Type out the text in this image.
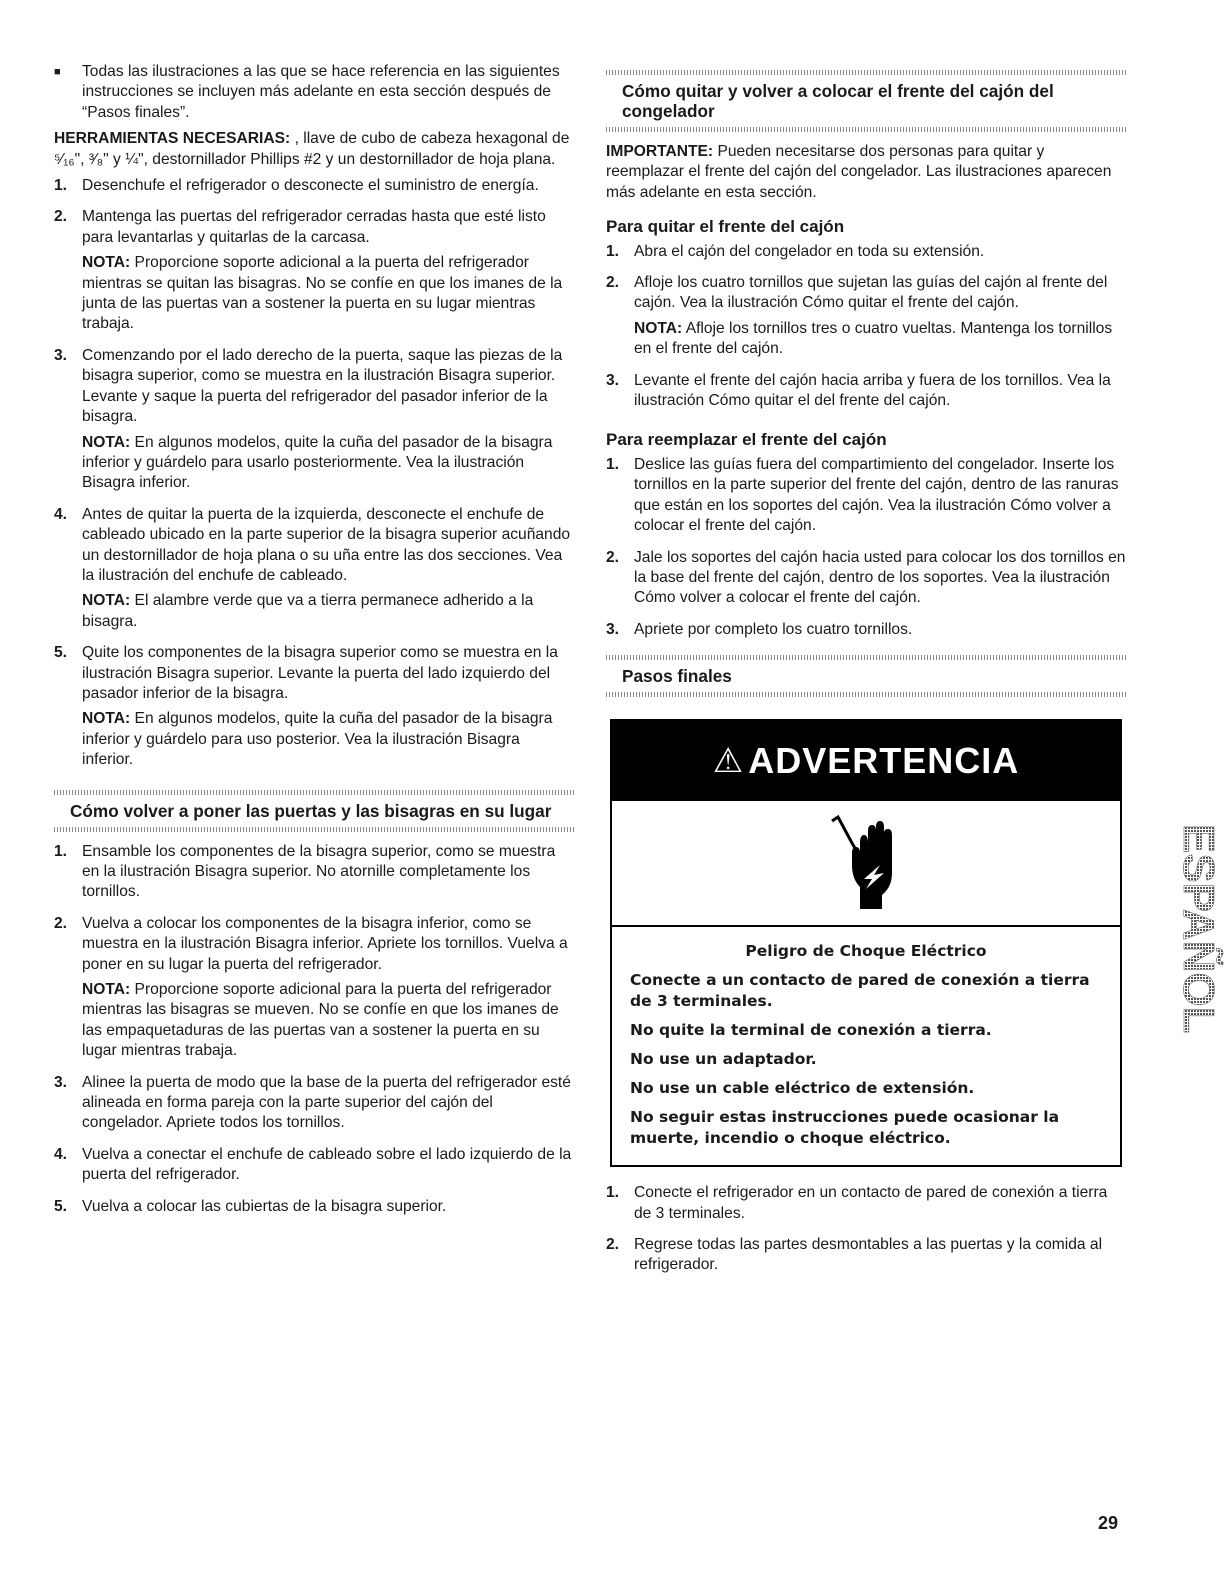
■	Todas las ilustraciones a las que se hace referencia en las siguientes instrucciones se incluyen más adelante en esta sección después de “Pasos finales”.

HERRAMIENTAS NECESARIAS: , llave de cubo de cabeza hexagonal de ⁵⁄₁₆", ³⁄₈" y ¼", destornillador Phillips #2 y un destornillador de hoja plana.

1. Desenchufe el refrigerador o desconecte el suministro de energía.

2. Mantenga las puertas del refrigerador cerradas hasta que esté listo para levantarlas y quitarlas de la carcasa.

NOTA: Proporcione soporte adicional a la puerta del refrigerador mientras se quitan las bisagras. No se confíe en que los imanes de la junta de las puertas van a sostener la puerta en su lugar mientras trabaja.

3. Comenzando por el lado derecho de la puerta, saque las piezas de la bisagra superior, como se muestra en la ilustración Bisagra superior. Levante y saque la puerta del refrigerador del pasador inferior de la bisagra.

NOTA: En algunos modelos, quite la cuña del pasador de la bisagra inferior y guárdelo para usarlo posteriormente. Vea la ilustración Bisagra inferior.

4. Antes de quitar la puerta de la izquierda, desconecte el enchufe de cableado ubicado en la parte superior de la bisagra superior acuñando un destornillador de hoja plana o su uña entre las dos secciones. Vea la ilustración del enchufe de cableado.

NOTA: El alambre verde que va a tierra permanece adherido a la bisagra.

5. Quite los componentes de la bisagra superior como se muestra en la ilustración Bisagra superior. Levante la puerta del lado izquierdo del pasador inferior de la bisagra.

NOTA: En algunos modelos, quite la cuña del pasador de la bisagra inferior y guárdelo para uso posterior. Vea la ilustración Bisagra inferior.

Cómo volver a poner las puertas y las bisagras en su lugar
1. Ensamble los componentes de la bisagra superior, como se muestra en la ilustración Bisagra superior. No atornille completamente los tornillos.

2. Vuelva a colocar los componentes de la bisagra inferior, como se muestra en la ilustración Bisagra inferior. Apriete los tornillos. Vuelva a poner en su lugar la puerta del refrigerador.

NOTA: Proporcione soporte adicional para la puerta del refrigerador mientras las bisagras se mueven. No se confíe en que los imanes de las empaquetaduras de las puertas van a sostener la puerta en su lugar mientras trabaja.

3. Alinee la puerta de modo que la base de la puerta del refrigerador esté alineada en forma pareja con la parte superior del cajón del congelador. Apriete todos los tornillos.

4. Vuelva a conectar el enchufe de cableado sobre el lado izquierdo de la puerta del refrigerador.

5. Vuelva a colocar las cubiertas de la bisagra superior.

Cómo quitar y volver a colocar el frente del cajón del congelador

IMPORTANTE: Pueden necesitarse dos personas para quitar y reemplazar el frente del cajón del congelador. Las ilustraciones aparecen más adelante en esta sección.

Para quitar el frente del cajón
1. Abra el cajón del congelador en toda su extensión.

2. Afloje los cuatro tornillos que sujetan las guías del cajón al frente del cajón. Vea la ilustración Cómo quitar el frente del cajón.

NOTA: Afloje los tornillos tres o cuatro vueltas. Mantenga los tornillos en el frente del cajón.

3. Levante el frente del cajón hacia arriba y fuera de los tornillos. Vea la ilustración Cómo quitar el del frente del cajón.

Para reemplazar el frente del cajón
1. Deslice las guías fuera del compartimiento del congelador. Inserte los tornillos en la parte superior del frente del cajón, dentro de las ranuras que están en los soportes del cajón. Vea la ilustración Cómo volver a colocar el frente del cajón.

2. Jale los soportes del cajón hacia usted para colocar los dos tornillos en la base del frente del cajón, dentro de los soportes. Vea la ilustración Cómo volver a colocar el frente del cajón.

3. Apriete por completo los cuatro tornillos.

Pasos finales
⚠ ADVERTENCIA

Peligro de Choque Eléctrico

Conecte a un contacto de pared de conexión a tierra de 3 terminales.

No quite la terminal de conexión a tierra.

No use un adaptador.

No use un cable eléctrico de extensión.

No seguir estas instrucciones puede ocasionar la muerte, incendio o choque eléctrico.

1. Conecte el refrigerador en un contacto de pared de conexión a tierra de 3 terminales.

2. Regrese todas las partes desmontables a las puertas y la comida al refrigerador.

ESPAÑOL
29
